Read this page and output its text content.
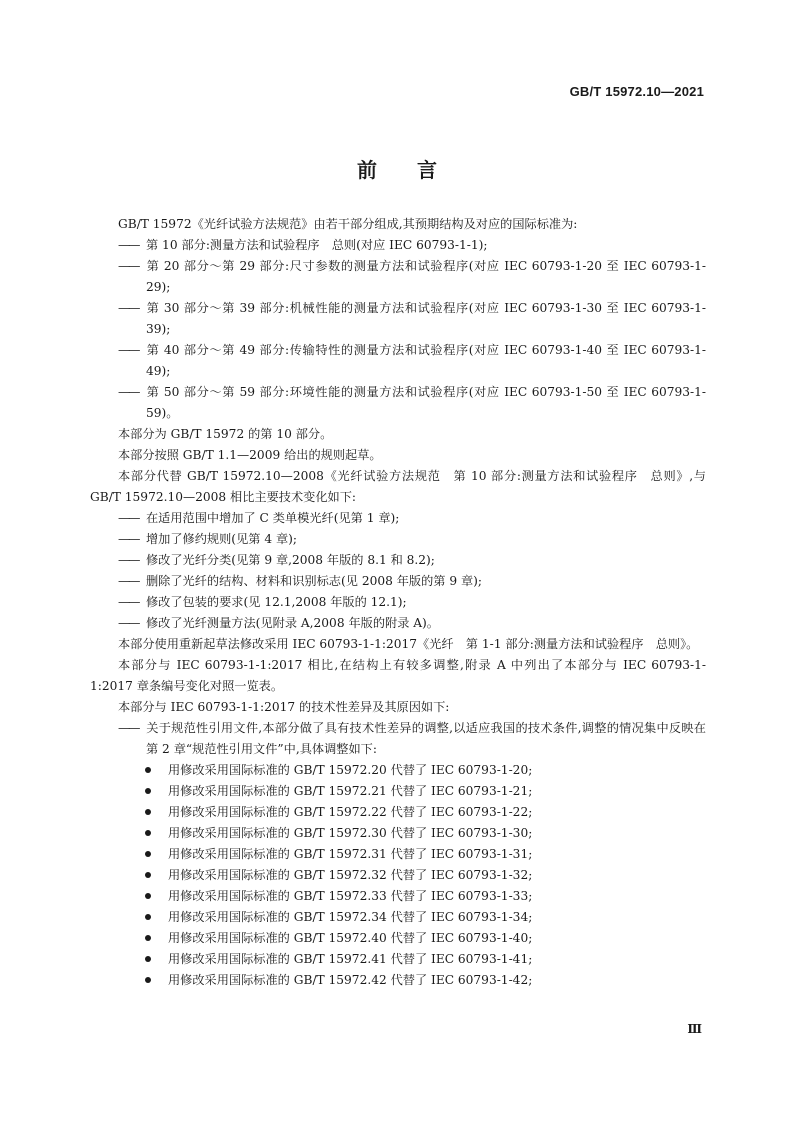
GB/T 15972.10—2021
前言

GB/T 15972《光纤试验方法规范》由若干部分组成,其预期结构及对应的国际标准为:

—— 第 10 部分:测量方法和试验程序　总则(对应 IEC 60793-1-1);

—— 第 20 部分～第 29 部分:尺寸参数的测量方法和试验程序(对应 IEC 60793-1-20 至 IEC 60793-1-29);

—— 第 30 部分～第 39 部分:机械性能的测量方法和试验程序(对应 IEC 60793-1-30 至 IEC 60793-1-39);

—— 第 40 部分～第 49 部分:传输特性的测量方法和试验程序(对应 IEC 60793-1-40 至 IEC 60793-1-49);

—— 第 50 部分～第 59 部分:环境性能的测量方法和试验程序(对应 IEC 60793-1-50 至 IEC 60793-1-59)。

本部分为 GB/T 15972 的第 10 部分。

本部分按照 GB/T 1.1—2009 给出的规则起草。

本部分代替 GB/T 15972.10—2008《光纤试验方法规范　第 10 部分:测量方法和试验程序　总则》,与 GB/T 15972.10—2008 相比主要技术变化如下:

—— 在适用范围中增加了 C 类单模光纤(见第 1 章);

—— 增加了修约规则(见第 4 章);

—— 修改了光纤分类(见第 9 章,2008 年版的 8.1 和 8.2);

—— 删除了光纤的结构、材料和识别标志(见 2008 年版的第 9 章);

—— 修改了包装的要求(见 12.1,2008 年版的 12.1);

—— 修改了光纤测量方法(见附录 A,2008 年版的附录 A)。

本部分使用重新起草法修改采用 IEC 60793-1-1:2017《光纤　第 1-1 部分:测量方法和试验程序　总则》。

本部分与 IEC 60793-1-1:2017 相比,在结构上有较多调整,附录 A 中列出了本部分与 IEC 60793-1-1:2017 章条编号变化对照一览表。

本部分与 IEC 60793-1-1:2017 的技术性差异及其原因如下:

—— 关于规范性引用文件,本部分做了具有技术性差异的调整,以适应我国的技术条件,调整的情况集中反映在第 2 章“规范性引用文件”中,具体调整如下:

用修改采用国际标准的 GB/T 15972.20 代替了 IEC 60793-1-20;

用修改采用国际标准的 GB/T 15972.21 代替了 IEC 60793-1-21;

用修改采用国际标准的 GB/T 15972.22 代替了 IEC 60793-1-22;

用修改采用国际标准的 GB/T 15972.30 代替了 IEC 60793-1-30;

用修改采用国际标准的 GB/T 15972.31 代替了 IEC 60793-1-31;

用修改采用国际标准的 GB/T 15972.32 代替了 IEC 60793-1-32;

用修改采用国际标准的 GB/T 15972.33 代替了 IEC 60793-1-33;

用修改采用国际标准的 GB/T 15972.34 代替了 IEC 60793-1-34;

用修改采用国际标准的 GB/T 15972.40 代替了 IEC 60793-1-40;

用修改采用国际标准的 GB/T 15972.41 代替了 IEC 60793-1-41;

用修改采用国际标准的 GB/T 15972.42 代替了 IEC 60793-1-42;

Ⅲ
